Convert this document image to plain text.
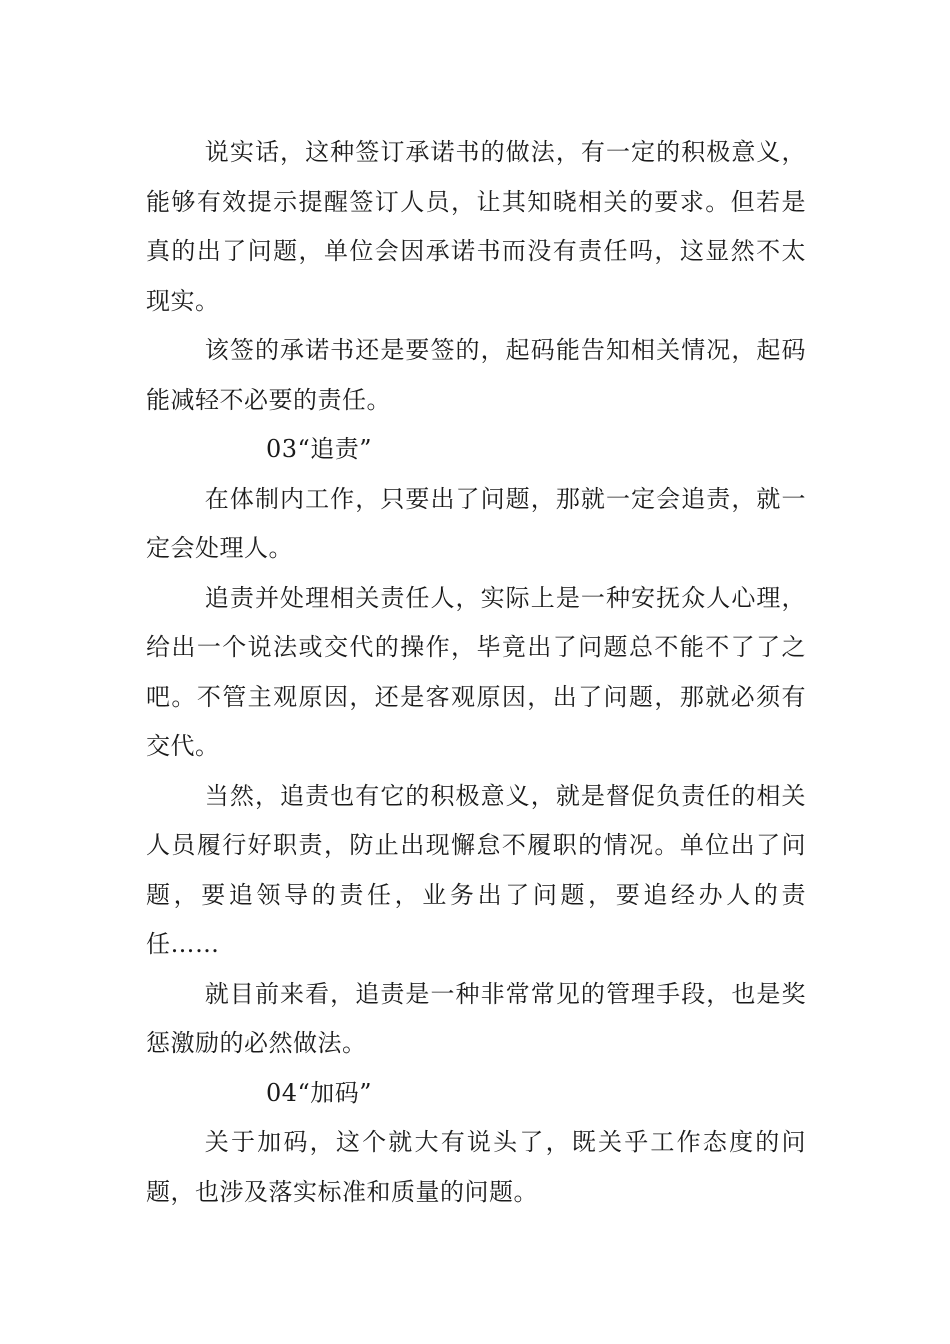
说实话，这种签订承诺书的做法，有一定的积极意义，能够有效提示提醒签订人员，让其知晓相关的要求。但若是真的出了问题，单位会因承诺书而没有责任吗，这显然不太现实。

该签的承诺书还是要签的，起码能告知相关情况，起码能减轻不必要的责任。

03“追责”

在体制内工作，只要出了问题，那就一定会追责，就一定会处理人。

追责并处理相关责任人，实际上是一种安抚众人心理，给出一个说法或交代的操作，毕竟出了问题总不能不了了之吧。不管主观原因，还是客观原因，出了问题，那就必须有交代。

当然，追责也有它的积极意义，就是督促负责任的相关人员履行好职责，防止出现懈怠不履职的情况。单位出了问题，要追领导的责任，业务出了问题，要追经办人的责任……

就目前来看，追责是一种非常常见的管理手段，也是奖惩激励的必然做法。

04“加码”

关于加码，这个就大有说头了，既关乎工作态度的问题，也涉及落实标准和质量的问题。
